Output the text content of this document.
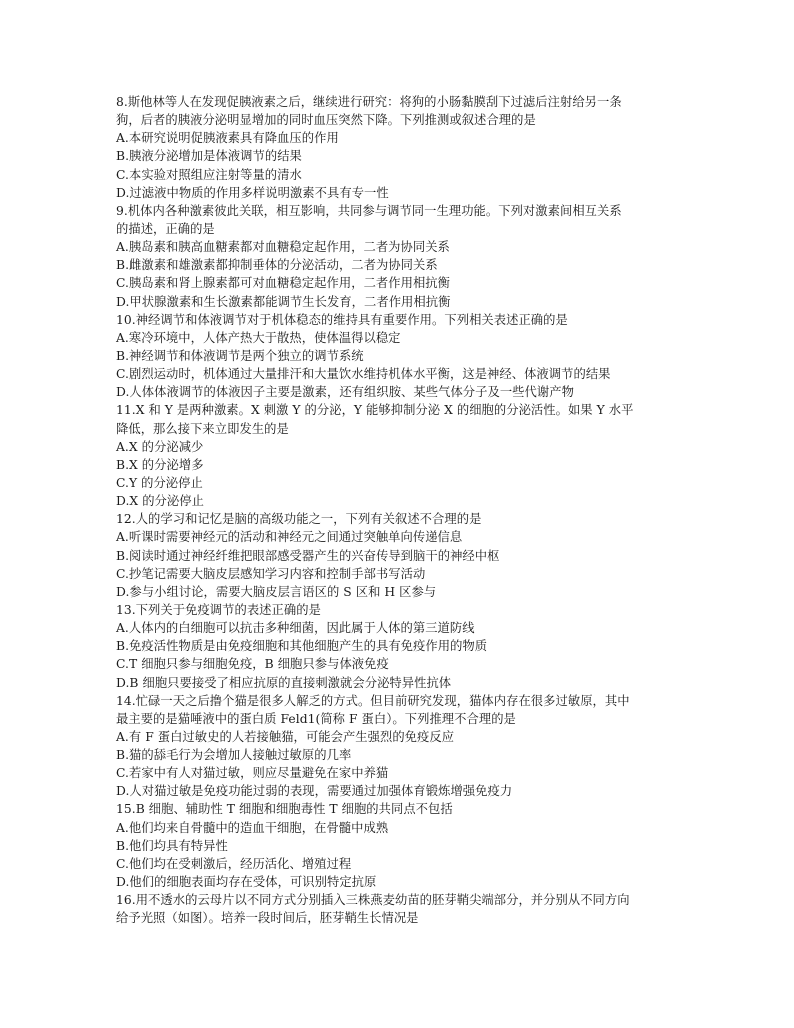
8.斯他林等人在发现促胰液素之后，继续进行研究：将狗的小肠黏膜刮下过滤后注射给另一条
狗，后者的胰液分泌明显增加的同时血压突然下降。下列推测或叙述合理的是
A.本研究说明促胰液素具有降血压的作用
B.胰液分泌增加是体液调节的结果
C.本实验对照组应注射等量的清水
D.过滤液中物质的作用多样说明激素不具有专一性
9.机体内各种激素彼此关联，相互影响，共同参与调节同一生理功能。下列对激素间相互关系
的描述，正确的是
A.胰岛素和胰高血糖素都对血糖稳定起作用，二者为协同关系
B.雌激素和雄激素都抑制垂体的分泌活动，二者为协同关系
C.胰岛素和肾上腺素都可对血糖稳定起作用，二者作用相抗衡
D.甲状腺激素和生长激素都能调节生长发育，二者作用相抗衡
10.神经调节和体液调节对于机体稳态的维持具有重要作用。下列相关表述正确的是
A.寒冷环境中，人体产热大于散热，使体温得以稳定
B.神经调节和体液调节是两个独立的调节系统
C.剧烈运动时，机体通过大量排汗和大量饮水维持机体水平衡，这是神经、体液调节的结果
D.人体体液调节的体液因子主要是激素，还有组织胺、某些气体分子及一些代谢产物
11.X 和 Y 是两种激素。X 刺激 Y 的分泌，Y 能够抑制分泌 X 的细胞的分泌活性。如果 Y 水平
降低，那么接下来立即发生的是
A.X 的分泌减少
B.X 的分泌增多
C.Y 的分泌停止
D.X 的分泌停止
12.人的学习和记忆是脑的高级功能之一，下列有关叙述不合理的是
A.听课时需要神经元的活动和神经元之间通过突触单向传递信息
B.阅读时通过神经纤维把眼部感受器产生的兴奋传导到脑干的神经中枢
C.抄笔记需要大脑皮层感知学习内容和控制手部书写活动
D.参与小组讨论，需要大脑皮层言语区的 S 区和 H 区参与
13.下列关于免疫调节的表述正确的是
A.人体内的白细胞可以抗击多种细菌，因此属于人体的第三道防线
B.免疫活性物质是由免疫细胞和其他细胞产生的具有免疫作用的物质
C.T 细胞只参与细胞免疫，B 细胞只参与体液免疫
D.B 细胞只要接受了相应抗原的直接刺激就会分泌特异性抗体
14.忙碌一天之后撸个猫是很多人解乏的方式。但目前研究发现，猫体内存在很多过敏原，其中
最主要的是猫唾液中的蛋白质 Feld1(简称 F 蛋白）。下列推理不合理的是
A.有 F 蛋白过敏史的人若接触猫，可能会产生强烈的免疫反应
B.猫的舔毛行为会增加人接触过敏原的几率
C.若家中有人对猫过敏，则应尽量避免在家中养猫
D.人对猫过敏是免疫功能过弱的表现，需要通过加强体育锻炼增强免疫力
15.B 细胞、辅助性 T 细胞和细胞毒性 T 细胞的共同点不包括
A.他们均来自骨髓中的造血干细胞，在骨髓中成熟
B.他们均具有特异性
C.他们均在受刺激后，经历活化、增殖过程
D.他们的细胞表面均存在受体，可识别特定抗原
16.用不透水的云母片以不同方式分别插入三株燕麦幼苗的胚芽鞘尖端部分，并分别从不同方向
给予光照（如图）。培养一段时间后，胚芽鞘生长情况是
